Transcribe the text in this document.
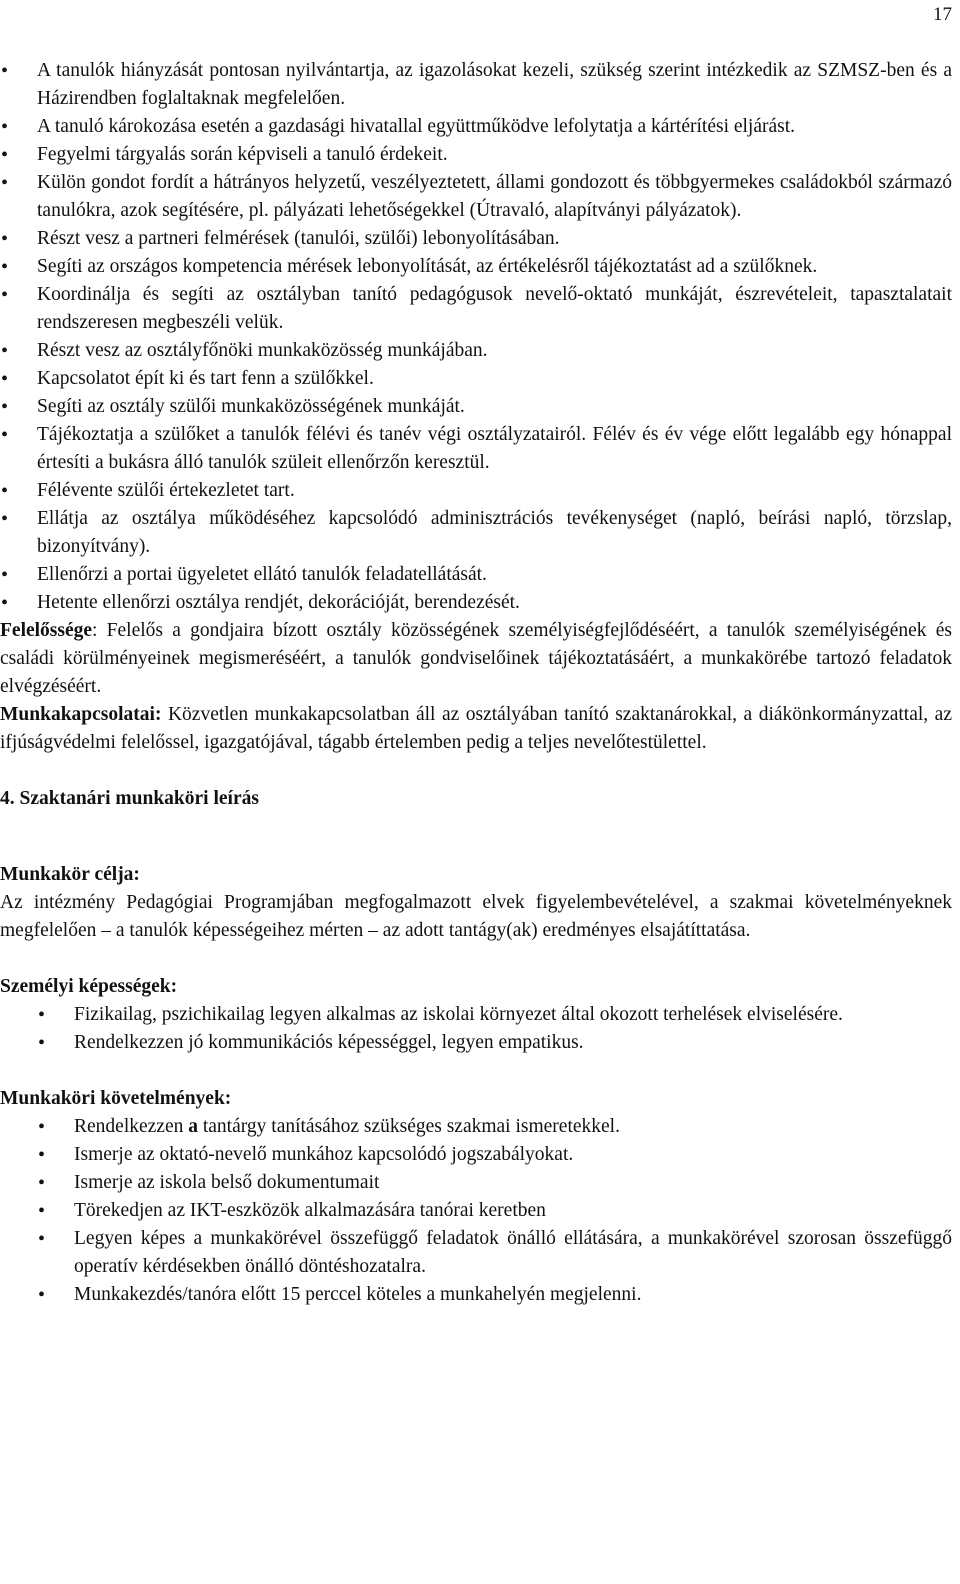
17

• A tanulók hiányzását pontosan nyilvántartja, az igazolásokat kezeli, szükség szerint intézkedik az SZMSZ-ben és a Házirendben foglaltaknak megfelelően.
• A tanuló károkozása esetén a gazdasági hivatallal együttműködve lefolytatja a kártérítési eljárást.
• Fegyelmi tárgyalás során képviseli a tanuló érdekeit.
• Külön gondot fordít a hátrányos helyzetű, veszélyeztetett, állami gondozott és többgyermekes családokból származó tanulókra, azok segítésére, pl. pályázati lehetőségekkel (Útravaló, alapítványi pályázatok).
• Részt vesz a partneri felmérések (tanulói, szülői) lebonyolításában.
• Segíti az országos kompetencia mérések lebonyolítását, az értékelésről tájékoztatást ad a szülőknek.
• Koordinálja és segíti az osztályban tanító pedagógusok nevelő-oktató munkáját, észrevételeit, tapasztalatait rendszeresen megbeszéli velük.
• Részt vesz az osztályfőnöki munkaközösség munkájában.
• Kapcsolatot épít ki és tart fenn a szülőkkel.
• Segíti az osztály szülői munkaközösségének munkáját.
• Tájékoztatja a szülőket a tanulók félévi és tanév végi osztályzatairól. Félév és év vége előtt legalább egy hónappal értesíti a bukásra álló tanulók szüleit ellenőrzőn keresztül.
• Félévente szülői értekezletet tart.
• Ellátja az osztálya működéséhez kapcsolódó adminisztrációs tevékenységet (napló, beírási napló, törzslap, bizonyítvány).
• Ellenőrzi a portai ügyeletet ellátó tanulók feladatellátását.
• Hetente ellenőrzi osztálya rendjét, dekorációját, berendezését.

Felelőssége: Felelős a gondjaira bízott osztály közösségének személyiségfejlődéséért, a tanulók személyiségének és családi körülményeinek megismeréséért, a tanulók gondviselőinek tájékoztatásáért, a munkakörébe tartozó feladatok elvégzéséért.

Munkakapcsolatai: Közvetlen munkakapcsolatban áll az osztályában tanító szaktanárokkal, a diákönkormányzattal, az ifjúságvédelmi felelőssel, igazgatójával, tágabb értelemben pedig a teljes nevelőtestülettel.

4. Szaktanári munkaköri leírás

Munkakör célja:

Az intézmény Pedagógiai Programjában megfogalmazott elvek figyelembevételével, a szakmai követelményeknek megfelelően – a tanulók képességeihez mérten – az adott tantágy(ak) eredményes elsajátíttatása.

Személyi képességek:

• Fizikailag, pszichikailag legyen alkalmas az iskolai környezet által okozott terhelések elviselésére.
• Rendelkezzen jó kommunikációs képességgel, legyen empatikus.

Munkaköri követelmények:

• Rendelkezzen a tantárgy tanításához szükséges szakmai ismeretekkel.
• Ismerje az oktató-nevelő munkához kapcsolódó jogszabályokat.
• Ismerje az iskola belső dokumentumait
• Törekedjen az IKT-eszközök alkalmazására tanórai keretben
• Legyen képes a munkakörével összefüggő feladatok önálló ellátására, a munkakörével szorosan összefüggő operatív kérdésekben önálló döntéshozatalra.
• Munkakezdés/tanóra előtt 15 perccel köteles a munkahelyén megjelenni.
